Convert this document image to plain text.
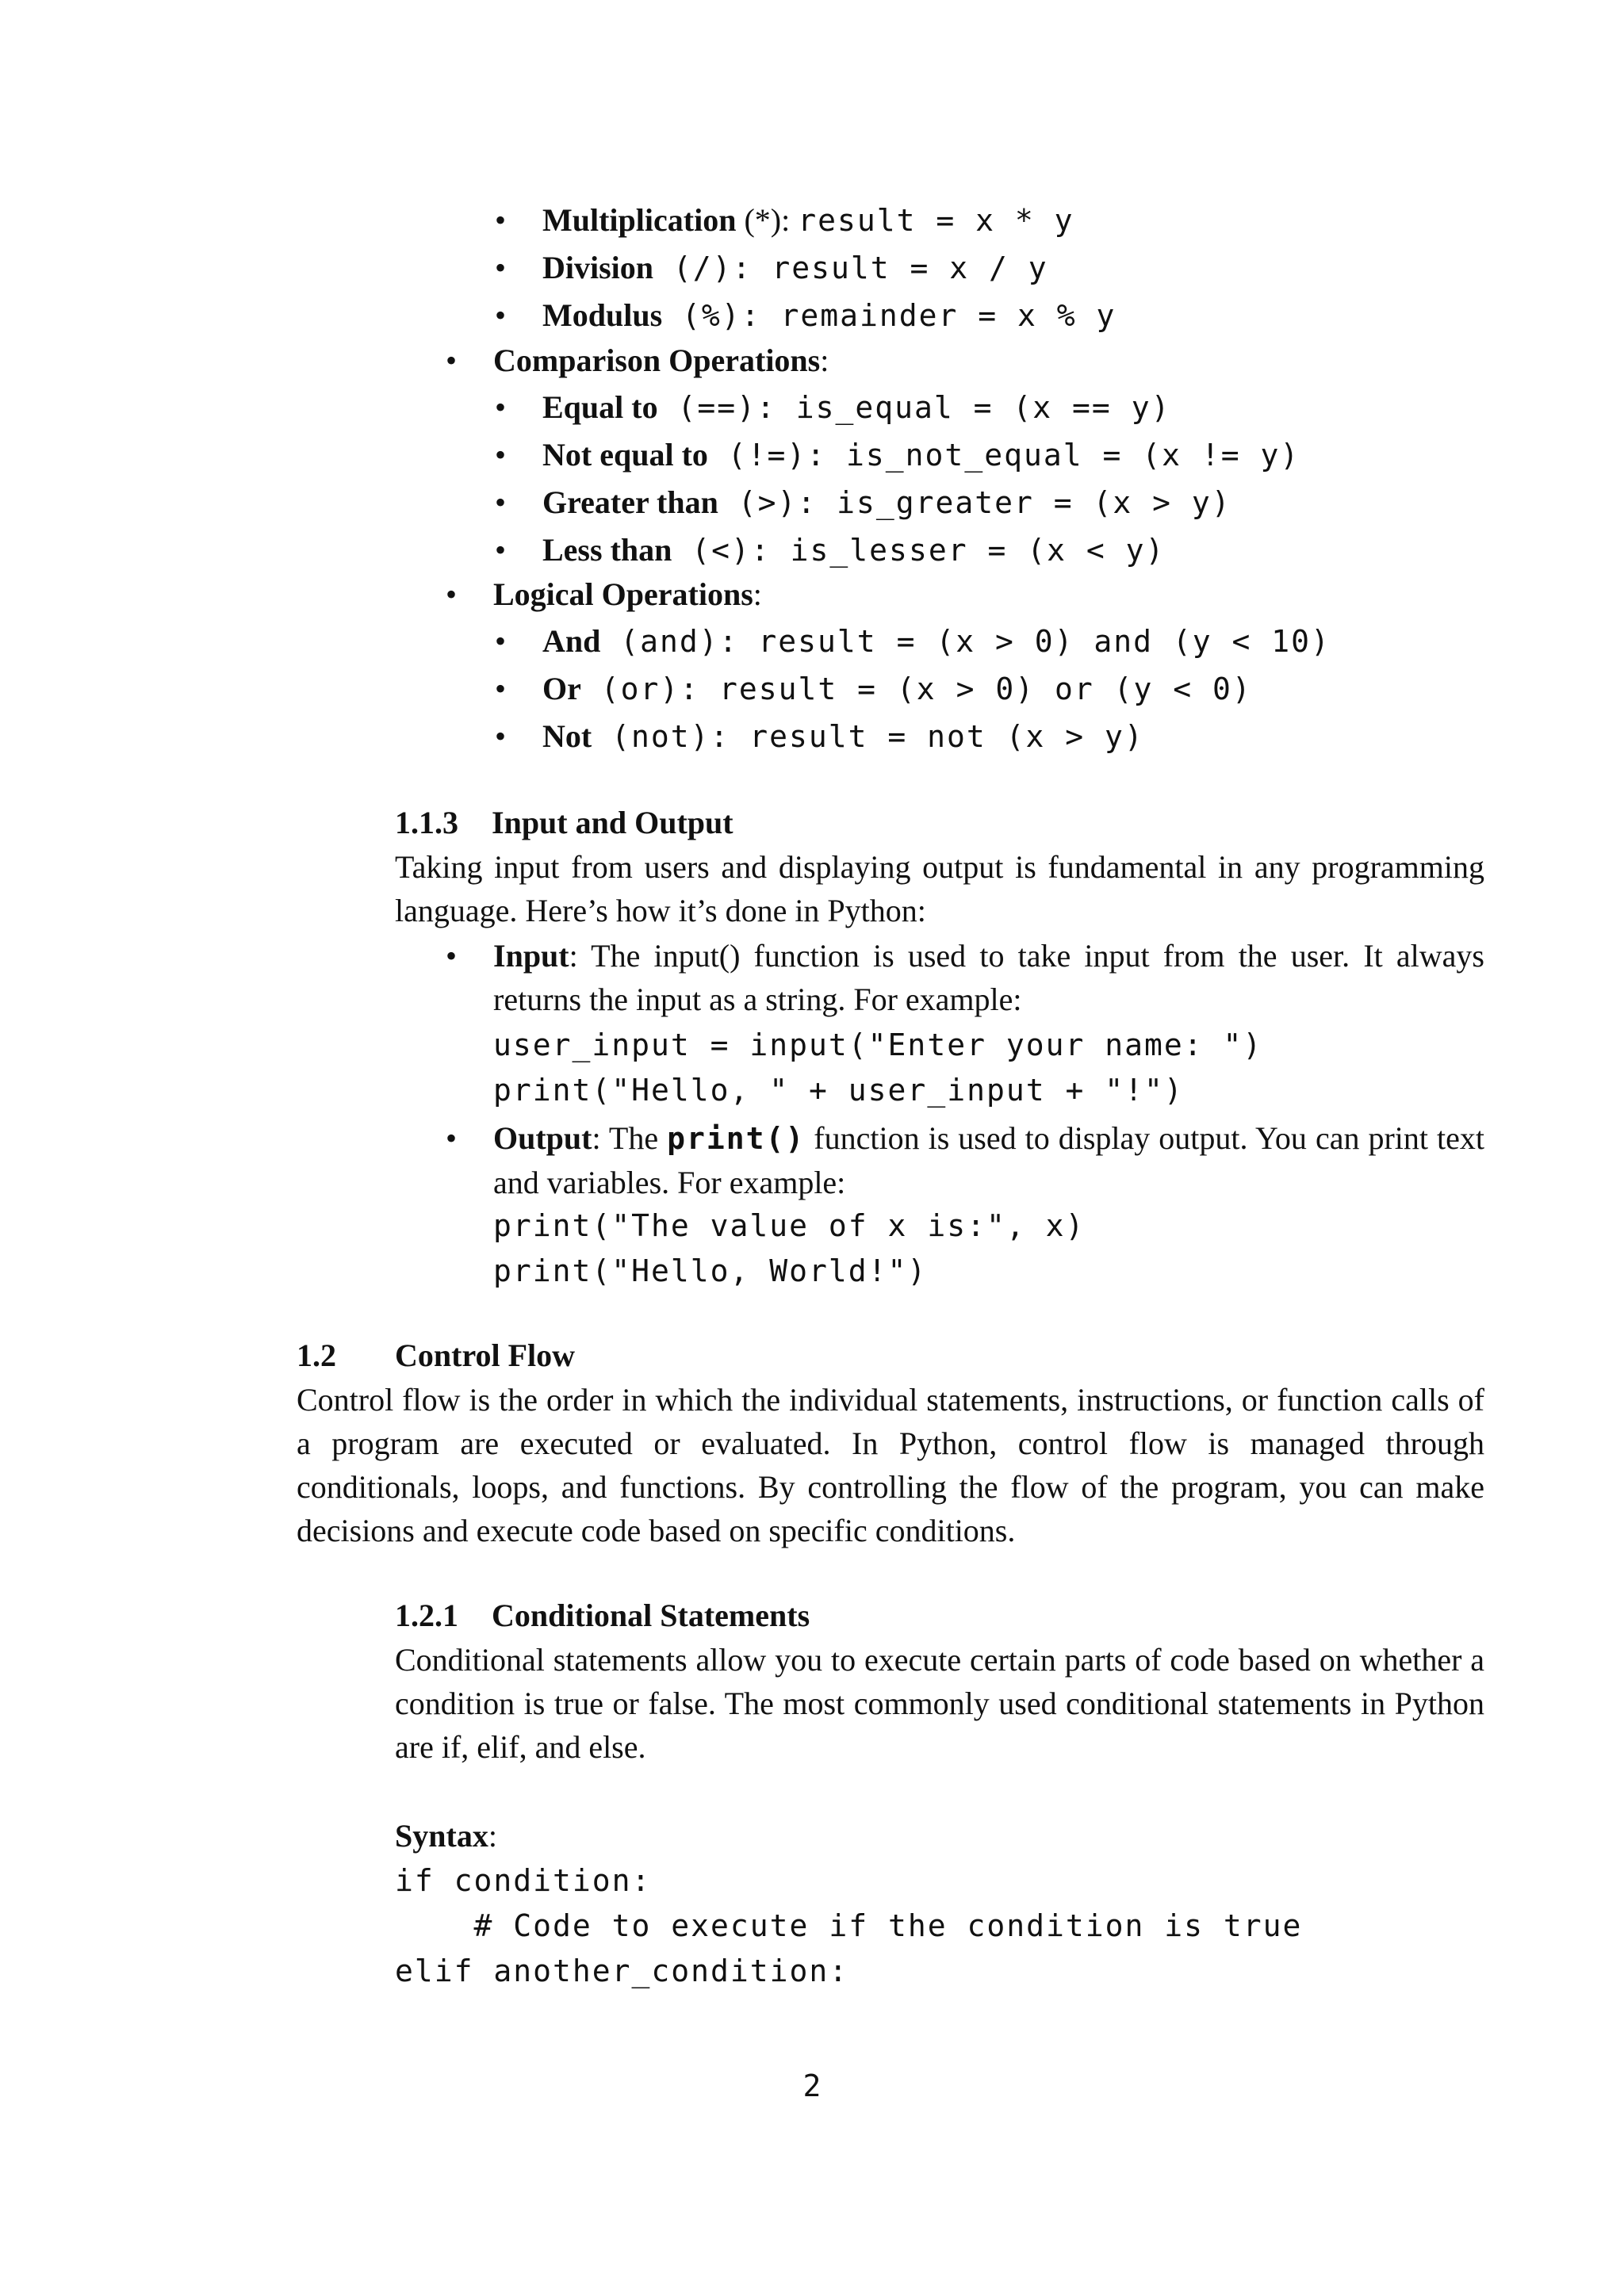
• Multiplication (*): result = x * y
• Division (/): result = x / y
• Modulus (%): remainder = x % y
• Comparison Operations:
• Equal to (==): is_equal = (x == y)
• Not equal to (!=): is_not_equal = (x != y)
• Greater than (>): is_greater = (x > y)
• Less than (<): is_lesser = (x < y)
• Logical Operations:
• And (and): result = (x > 0) and (y < 10)
• Or (or): result = (x > 0) or (y < 0)
• Not (not): result = not (x > y)
1.1.3 Input and Output

Taking input from users and displaying output is fundamental in any programming language. Here’s how it’s done in Python:

• Input: The input() function is used to take input from the user. It always returns the input as a string. For example:

user_input = input("Enter your name: ")
print("Hello, " + user_input + "!")

• Output: The print() function is used to display output. You can print text and variables. For example:

print("The value of x is:", x)
print("Hello, World!")
1.2 Control Flow

Control flow is the order in which the individual statements, instructions, or function calls of a program are executed or evaluated. In Python, control flow is managed through conditionals, loops, and functions. By controlling the flow of the program, you can make decisions and execute code based on specific conditions.

1.2.1 Conditional Statements

Conditional statements allow you to execute certain parts of code based on whether a condition is true or false. The most commonly used conditional statements in Python are if, elif, and else.

Syntax:
if condition:
# Code to execute if the condition is true
elif another_condition:
2
